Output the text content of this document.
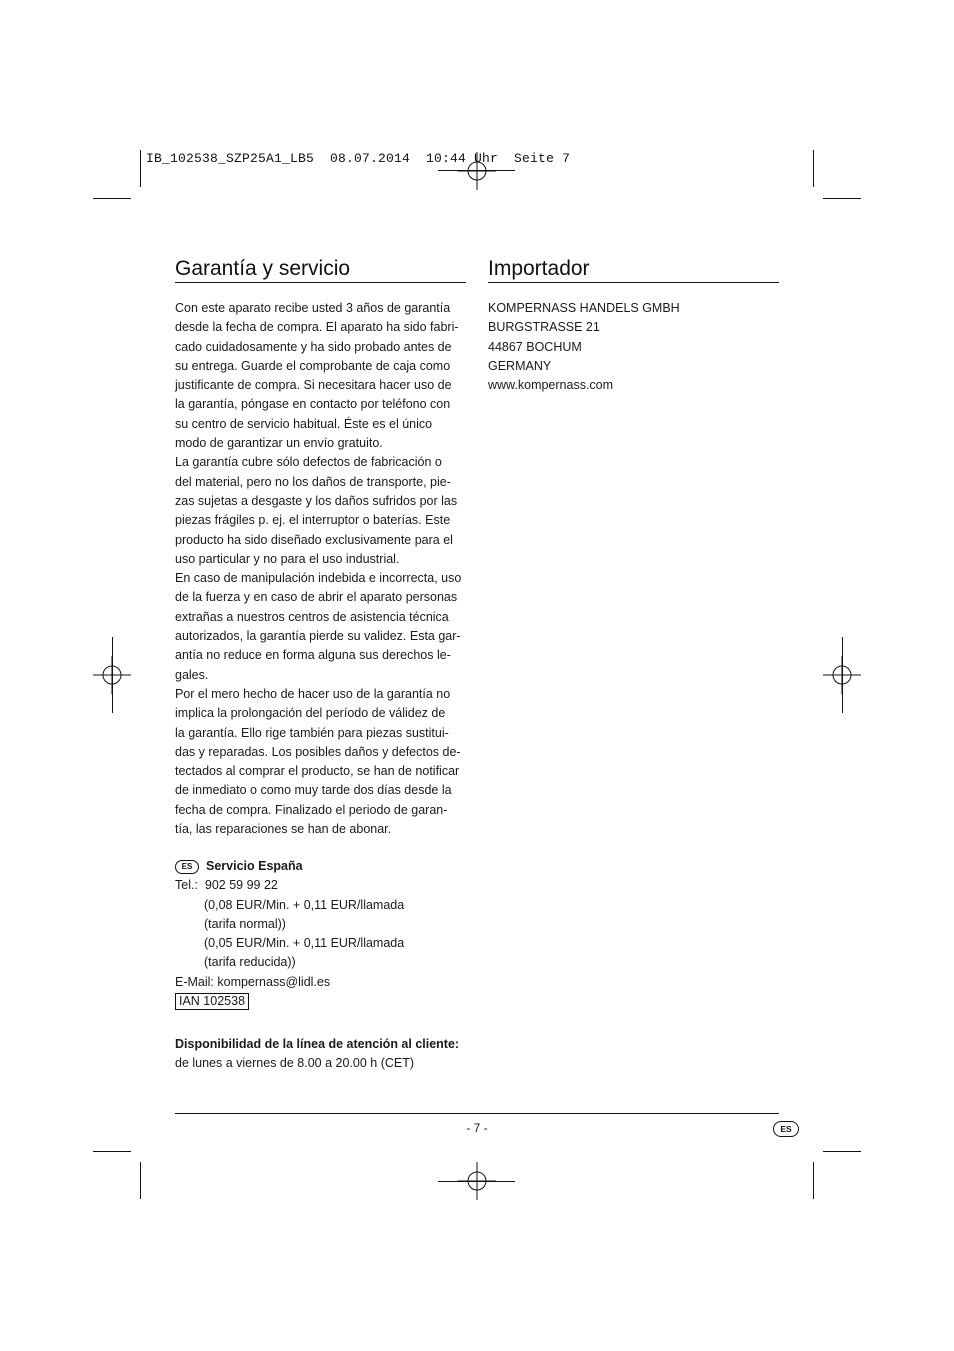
IB_102538_SZP25A1_LB5  08.07.2014  10:44 Uhr  Seite 7
Garantía y servicio

Con este aparato recibe usted 3 años de garantía

desde la fecha de compra. El aparato ha sido fabri-

cado cuidadosamente y ha sido probado antes de

su entrega. Guarde el comprobante de caja como

justificante de compra. Si necesitara hacer uso de

la garantía, póngase en contacto por teléfono con

su centro de servicio habitual. Éste es el único

modo de garantizar un envío gratuito.

La garantía cubre sólo defectos de fabricación o

del material, pero no los daños de transporte, pie-

zas sujetas a desgaste y los daños sufridos por las

piezas frágiles p. ej. el interruptor o baterías. Este

producto ha sido diseñado exclusivamente para el

uso particular y no para el uso industrial.

En caso de manipulación indebida e incorrecta, uso

de la fuerza y en caso de abrir el aparato personas

extrañas a nuestros centros de asistencia técnica

autorizados, la garantía pierde su validez. Esta gar-

antía no reduce en forma alguna sus derechos le-

gales.

Por el mero hecho de hacer uso de la garantía no

implica la prolongación del período de válidez de

la garantía. Ello rige también para piezas sustitui-

das y reparadas. Los posibles daños y defectos de-

tectados al comprar el producto, se han de notificar

de inmediato o como muy tarde dos días desde la

fecha de compra. Finalizado el periodo de garan-

tía, las reparaciones se han de abonar.

ES Servicio España

Tel.:  902 59 99 22

(0,08 EUR/Min. + 0,11 EUR/llamada

(tarifa normal))

(0,05 EUR/Min. + 0,11 EUR/llamada

(tarifa reducida))

E-Mail: kompernass@lidl.es

IAN 102538

Disponibilidad de la línea de atención al cliente:

de lunes a viernes de 8.00 a 20.00 h (CET)

Importador

KOMPERNASS HANDELS GMBH

BURGSTRASSE 21

44867 BOCHUM

GERMANY

www.kompernass.com

- 7 -	ES
